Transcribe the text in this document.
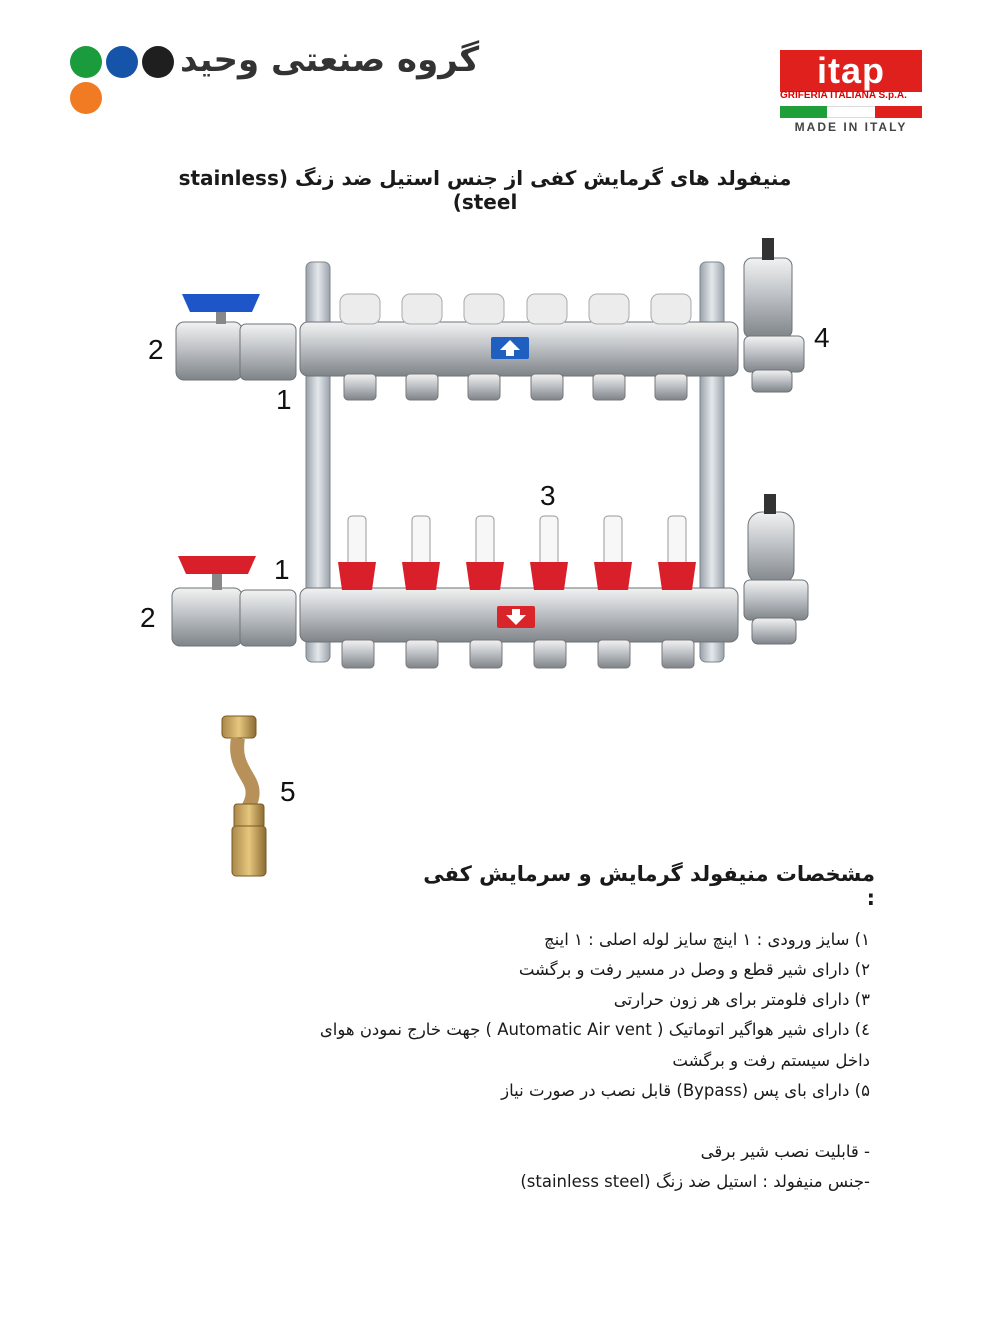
گروه صنعتی وحید	itap
GRIFERIA ITALIANA S.p.A.
MADE IN ITALY
منیفولد های گرمایش کفی از جنس استیل ضد زنگ (stainless steel)
2
1
4
3
1
2
5
مشخصات منیفولد گرمایش و سرمایش کفی :
۱) سایز ورودی : ۱ اینچ سایز لوله اصلی : ۱ اینچ
۲) دارای شیر قطع و وصل در مسیر رفت و برگشت
۳) دارای فلومتر برای هر زون حرارتی
٤) دارای شیر هواگیر اتوماتیک ( Automatic Air vent ) جهت خارج نمودن هوای
داخل سیستم رفت و برگشت
۵) دارای بای پس (Bypass) قابل نصب در صورت نیاز
- قابلیت نصب شیر برقی
-جنس منیفولد : استیل ضد زنگ (stainless steel)
